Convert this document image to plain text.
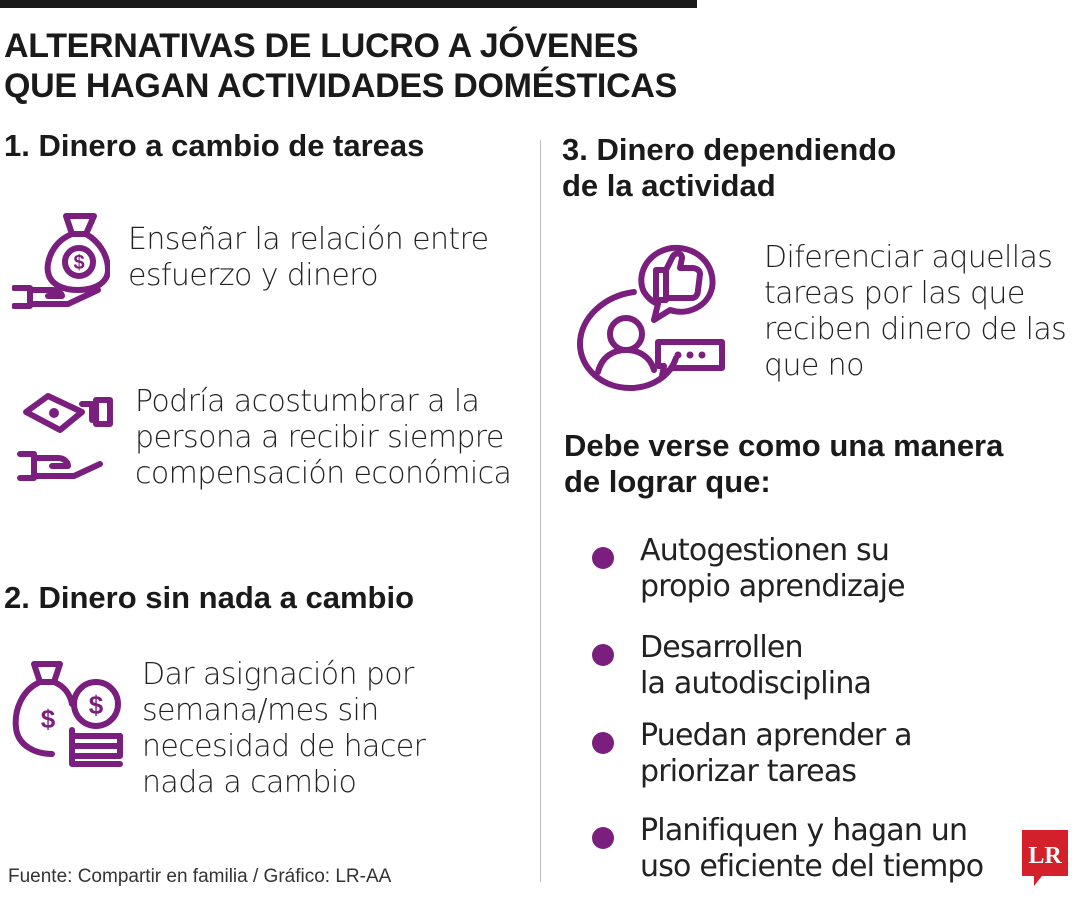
ALTERNATIVAS DE LUCRO A JÓVENES
QUE HAGAN ACTIVIDADES DOMÉSTICAS
1. Dinero a cambio de tareas
$
Enseñar la relación entre
esfuerzo y dinero
Podría acostumbrar a la
persona a recibir siempre
compensación económica
2. Dinero sin nada a cambio
$ $
Dar asignación por
semana/mes sin
necesidad de hacer
nada a cambio
3. Dinero dependiendo
de la actividad
Diferenciar aquellas
tareas por las que
reciben dinero de las
que no
Debe verse como una manera
de lograr que:
Autogestionen su
propio aprendizaje
Desarrollen
la autodisciplina
Puedan aprender a
priorizar tareas
Planifiquen y hagan un
uso eficiente del tiempo
Fuente: Compartir en familia / Gráfico: LR-AA
LR
